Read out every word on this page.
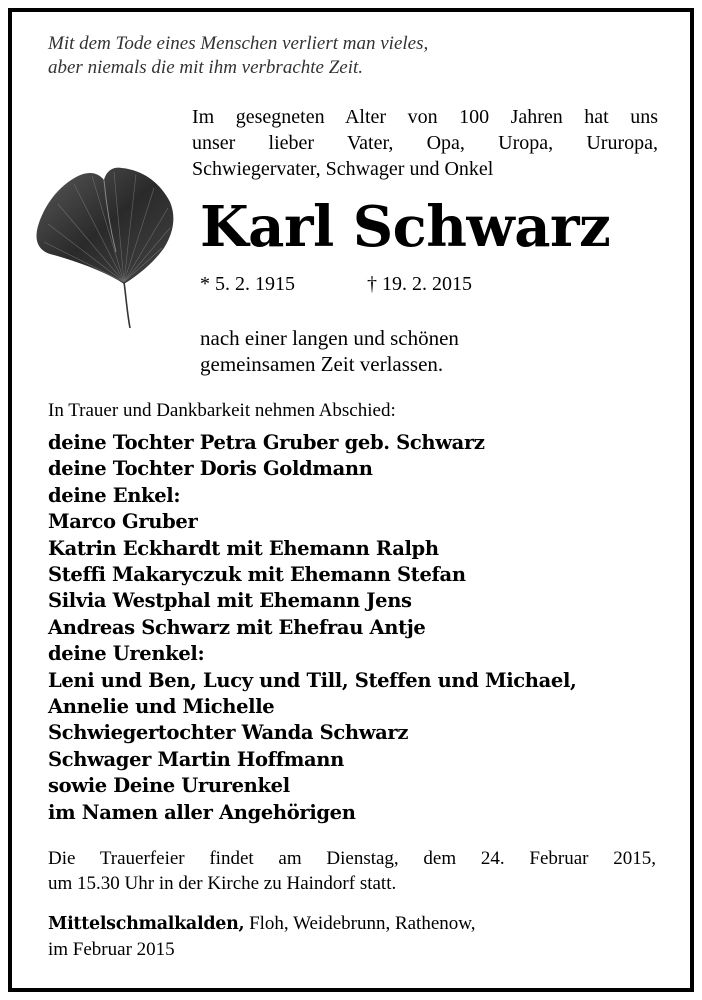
Mit dem Tode eines Menschen verliert man vieles,
aber niemals die mit ihm verbrachte Zeit.
Im gesegneten Alter von 100 Jahren hat uns
unser lieber Vater, Opa, Uropa, Ururopa,
Schwiegervater, Schwager und Onkel
Karl Schwarz
* 5. 2. 1915	† 19. 2. 2015
nach einer langen und schönen
gemeinsamen Zeit verlassen.
In Trauer und Dankbarkeit nehmen Abschied:
deine Tochter Petra Gruber geb. Schwarz
deine Tochter Doris Goldmann
deine Enkel:
Marco Gruber
Katrin Eckhardt mit Ehemann Ralph
Steffi Makaryczuk mit Ehemann Stefan
Silvia Westphal mit Ehemann Jens
Andreas Schwarz mit Ehefrau Antje
deine Urenkel:
Leni und Ben, Lucy und Till, Steffen und Michael,
Annelie und Michelle
Schwiegertochter Wanda Schwarz
Schwager Martin Hoffmann
sowie Deine Ururenkel
im Namen aller Angehörigen
Die Trauerfeier findet am Dienstag, dem 24. Februar 2015,
um 15.30 Uhr in der Kirche zu Haindorf statt.
Mittelschmalkalden, Floh, Weidebrunn, Rathenow,
im Februar 2015
